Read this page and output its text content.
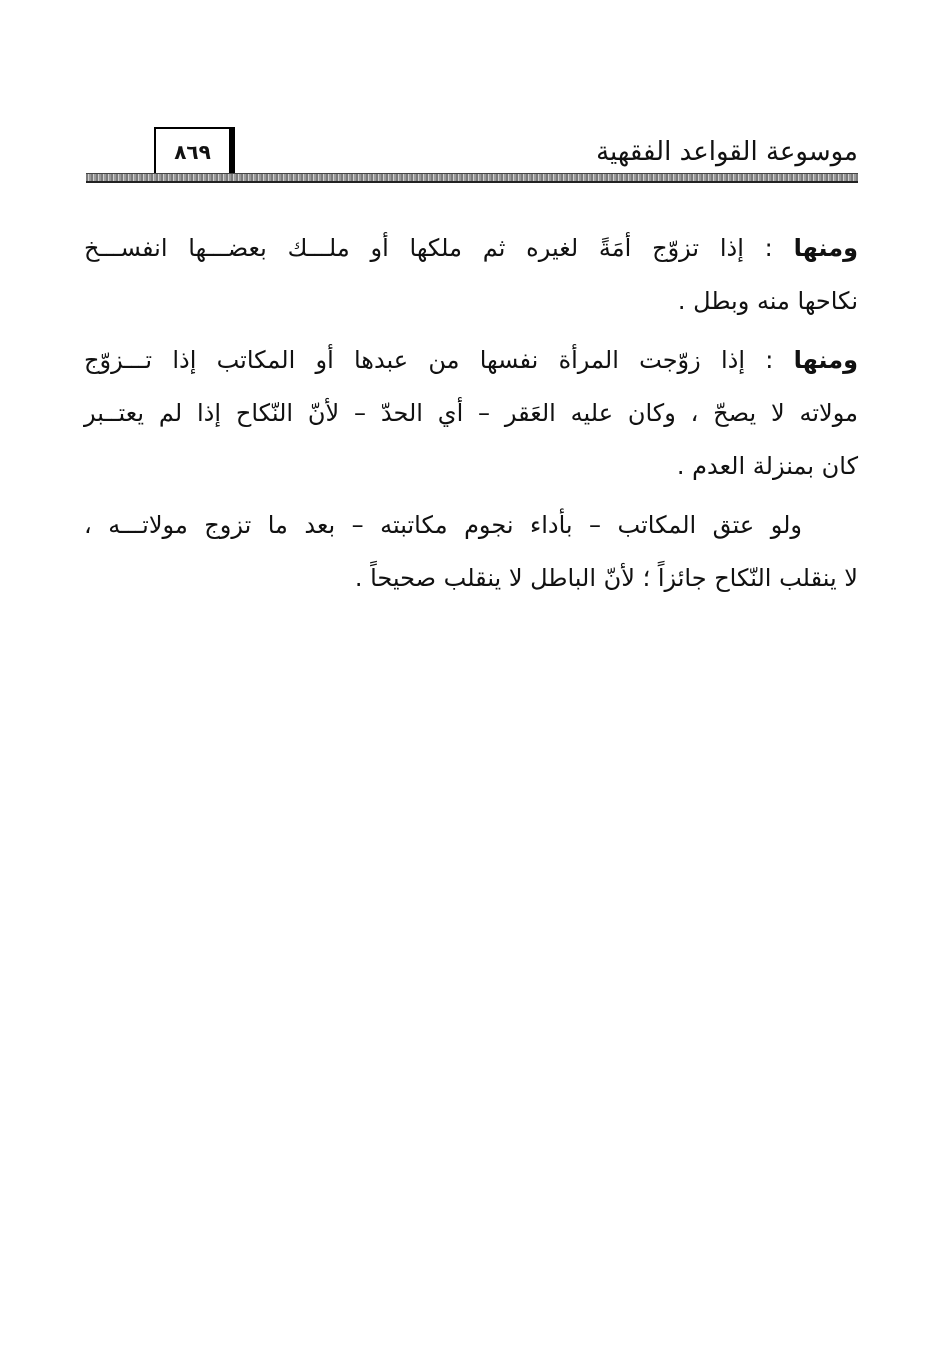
موسوعة القواعد الفقهية
٨٦٩
ومنها : إذا تزوّج أمَةً لغيره ثم ملكها أو ملـــك بعضـــها انفســـخ
نكاحها منه وبطل .
ومنها : إذا زوّجت المرأة نفسها من عبدها أو المكاتب إذا تـــزوّج
مولاته لا يصحّ ، وكان عليه العَقر – أي الحدّ – لأنّ النّكاح إذا لم يعتــبر
كان بمنزلة العدم .
ولو عتق المكاتب – بأداء نجوم مكاتبته – بعد ما تزوج مولاتـــه ،
لا ينقلب النّكاح جائزاً ؛ لأنّ الباطل لا ينقلب صحيحاً .
